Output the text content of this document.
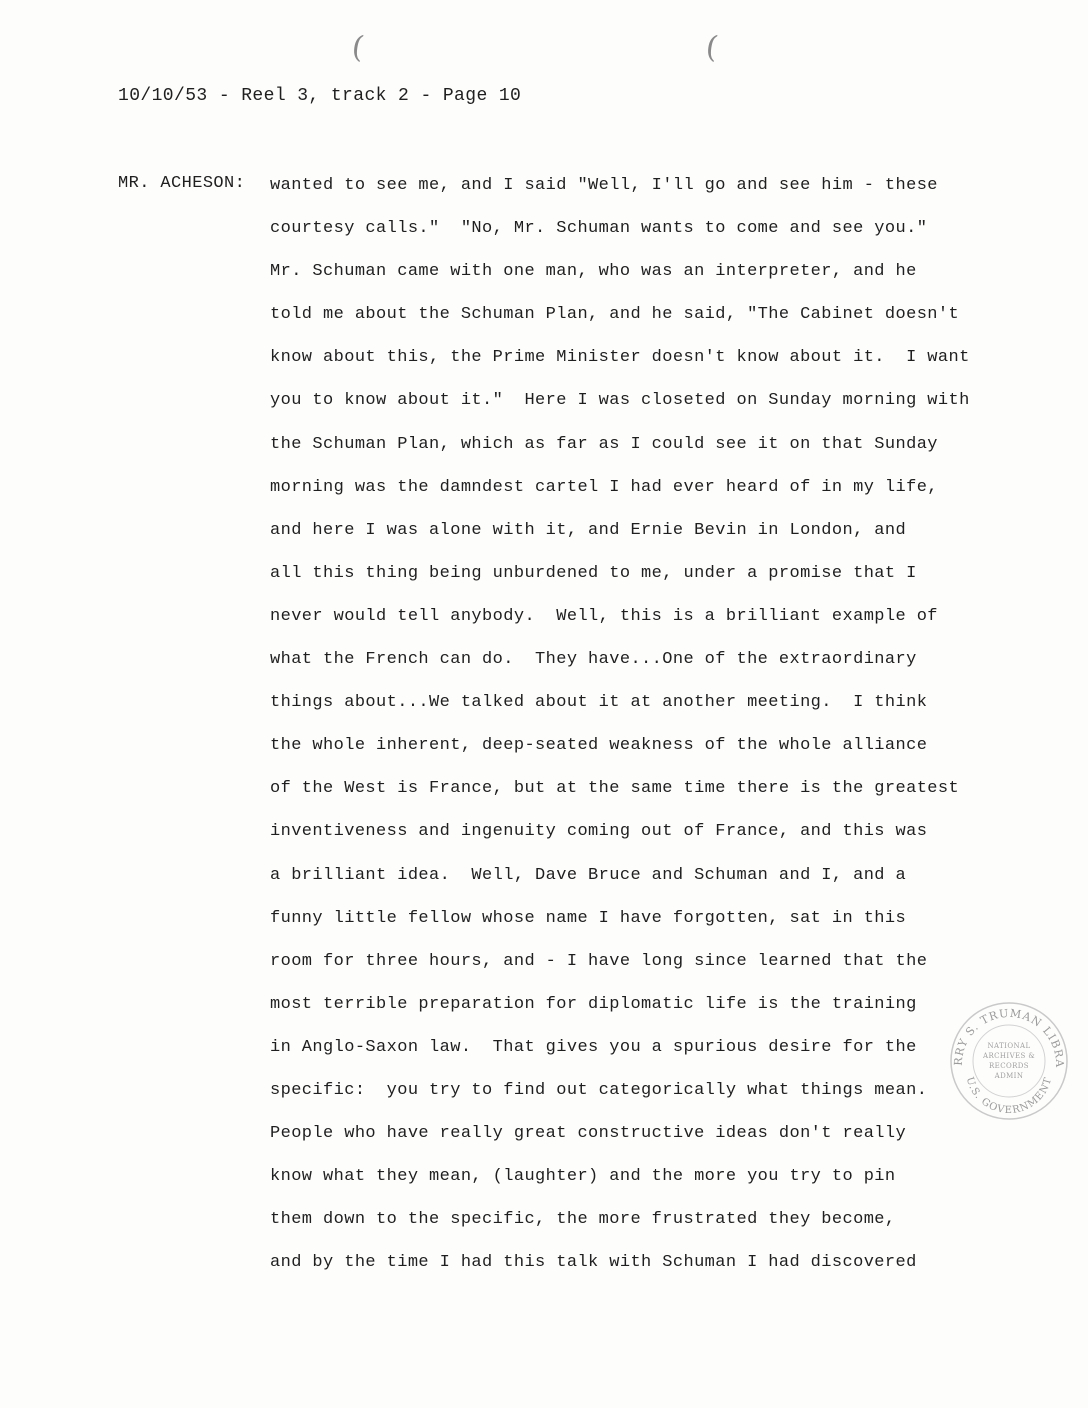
(	(
10/10/53 - Reel 3, track 2 - Page 10
MR. ACHESON: wanted to see me, and I said "Well, I'll go and see him - these
courtesy calls."  "No, Mr. Schuman wants to come and see you."
Mr. Schuman came with one man, who was an interpreter, and he
told me about the Schuman Plan, and he said, "The Cabinet doesn't
know about this, the Prime Minister doesn't know about it.  I want
you to know about it."  Here I was closeted on Sunday morning with
the Schuman Plan, which as far as I could see it on that Sunday
morning was the damndest cartel I had ever heard of in my life,
and here I was alone with it, and Ernie Bevin in London, and
all this thing being unburdened to me, under a promise that I
never would tell anybody.  Well, this is a brilliant example of
what the French can do.  They have...One of the extraordinary
things about...We talked about it at another meeting.  I think
the whole inherent, deep-seated weakness of the whole alliance
of the West is France, but at the same time there is the greatest
inventiveness and ingenuity coming out of France, and this was
a brilliant idea.  Well, Dave Bruce and Schuman and I, and a
funny little fellow whose name I have forgotten, sat in this
room for three hours, and - I have long since learned that the
most terrible preparation for diplomatic life is the training
in Anglo-Saxon law.  That gives you a spurious desire for the
specific:  you try to find out categorically what things mean.
People who have really great constructive ideas don't really
know what they mean, (laughter) and the more you try to pin
them down to the specific, the more frustrated they become,
and by the time I had this talk with Schuman I had discovered
RRY S. TRUMAN LIBRA
U.S. GOVERNMENT
NATIONAL
ARCHIVES &
RECORDS
ADMIN
